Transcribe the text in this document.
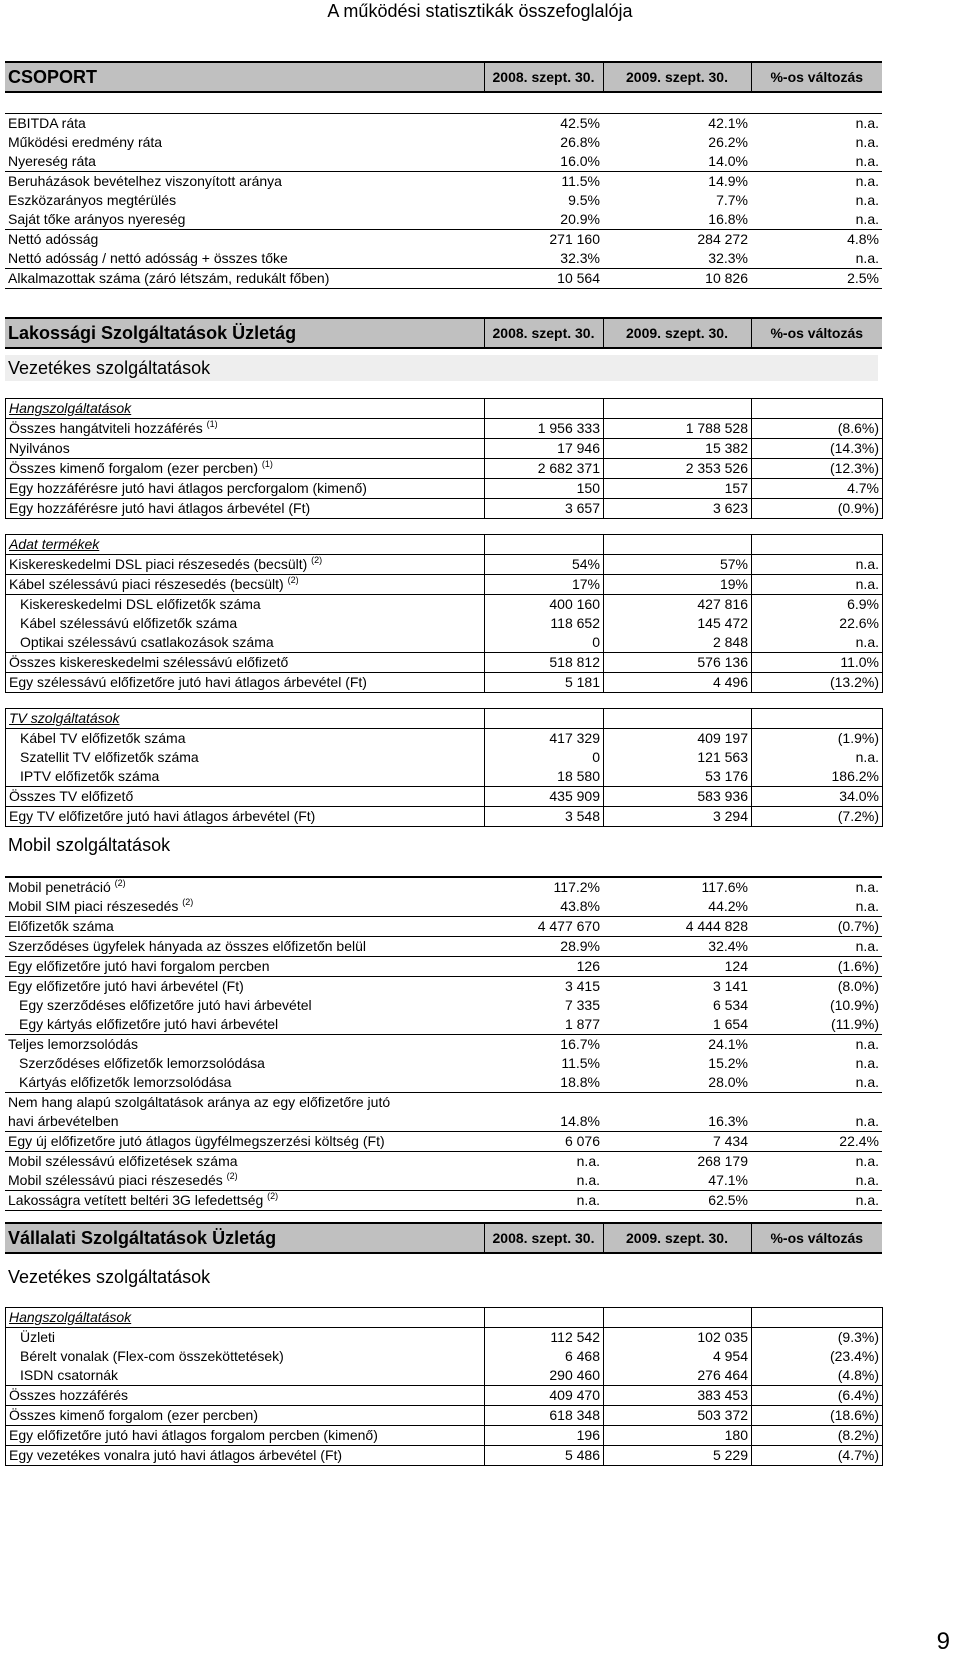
A működési statisztikák összefoglalója
CSOPORT	2008. szept. 30.	2009. szept. 30.	%-os változás
EBITDA ráta	42.5%	42.1%	n.a.
Működési eredmény ráta	26.8%	26.2%	n.a.
Nyereség ráta	16.0%	14.0%	n.a.
Beruházások bevételhez viszonyított aránya	11.5%	14.9%	n.a.
Eszközarányos megtérülés	9.5%	7.7%	n.a.
Saját tőke arányos nyereség	20.9%	16.8%	n.a.
Nettó adósság	271 160	284 272	4.8%
Nettó adósság / nettó adósság + összes tőke	32.3%	32.3%	n.a.
Alkalmazottak száma (záró létszám, redukált főben)	10 564	10 826	2.5%
Lakossági Szolgáltatások Üzletág	2008. szept. 30.	2009. szept. 30.	%-os változás
Vezetékes szolgáltatások
Hangszolgáltatások			
Összes hangátviteli hozzáférés $^{(1)}$	1 956 333	1 788 528	(8.6%)
Nyilvános	17 946	15 382	(14.3%)
Összes kimenő forgalom (ezer percben) $^{(1)}$	2 682 371	2 353 526	(12.3%)
Egy hozzáférésre jutó havi átlagos percforgalom (kimenő)	150	157	4.7%
Egy hozzáférésre jutó havi átlagos árbevétel (Ft)	3 657	3 623	(0.9%)
Adat termékek			
Kiskereskedelmi DSL piaci részesedés (becsült) $^{(2)}$	54%	57%	n.a.
Kábel szélessávú piaci részesedés (becsült) $^{(2)}$	17%	19%	n.a.
Kiskereskedelmi DSL előfizetők száma	400 160	427 816	6.9%
Kábel szélessávú előfizetők száma	118 652	145 472	22.6%
Optikai szélessávú csatlakozások száma	0	2 848	n.a.
Összes kiskereskedelmi szélessávú előfizető	518 812	576 136	11.0%
Egy szélessávú előfizetőre jutó havi átlagos árbevétel (Ft)	5 181	4 496	(13.2%)
TV szolgáltatások			
Kábel TV előfizetők száma	417 329	409 197	(1.9%)
Szatellit TV előfizetők száma	0	121 563	n.a.
IPTV előfizetők száma	18 580	53 176	186.2%
Összes TV előfizető	435 909	583 936	34.0%
Egy TV előfizetőre jutó havi átlagos árbevétel (Ft)	3 548	3 294	(7.2%)
Mobil szolgáltatások
Mobil penetráció $^{(2)}$	117.2%	117.6%	n.a.
Mobil SIM piaci részesedés $^{(2)}$	43.8%	44.2%	n.a.
Előfizetők száma	4 477 670	4 444 828	(0.7%)
Szerződéses ügyfelek hányada az összes előfizetőn belül	28.9%	32.4%	n.a.
Egy előfizetőre jutó havi forgalom percben	126	124	(1.6%)
Egy előfizetőre jutó havi árbevétel (Ft)	3 415	3 141	(8.0%)
Egy szerződéses előfizetőre jutó havi árbevétel	7 335	6 534	(10.9%)
Egy kártyás előfizetőre jutó havi árbevétel	1 877	1 654	(11.9%)
Teljes lemorzsolódás	16.7%	24.1%	n.a.
Szerződéses előfizetők lemorzsolódása	11.5%	15.2%	n.a.
Kártyás előfizetők lemorzsolódása	18.8%	28.0%	n.a.
Nem hang alapú szolgáltatások aránya az egy előfizetőre jutó			
havi árbevételben	14.8%	16.3%	n.a.
Egy új előfizetőre jutó átlagos ügyfélmegszerzési költség (Ft)	6 076	7 434	22.4%
Mobil szélessávú előfizetések száma	n.a.	268 179	n.a.
Mobil szélessávú piaci részesedés $^{(2)}$	n.a.	47.1%	n.a.
Lakosságra vetített beltéri 3G lefedettség $^{(2)}$	n.a.	62.5%	n.a.
Vállalati Szolgáltatások Üzletág	2008. szept. 30.	2009. szept. 30.	%-os változás
Vezetékes szolgáltatások
Hangszolgáltatások			
Üzleti	112 542	102 035	(9.3%)
Bérelt vonalak (Flex-com összeköttetések)	6 468	4 954	(23.4%)
ISDN csatornák	290 460	276 464	(4.8%)
Összes hozzáférés	409 470	383 453	(6.4%)
Összes kimenő forgalom (ezer percben)	618 348	503 372	(18.6%)
Egy előfizetőre jutó havi átlagos forgalom percben (kimenő)	196	180	(8.2%)
Egy vezetékes vonalra jutó havi átlagos árbevétel (Ft)	5 486	5 229	(4.7%)
9
